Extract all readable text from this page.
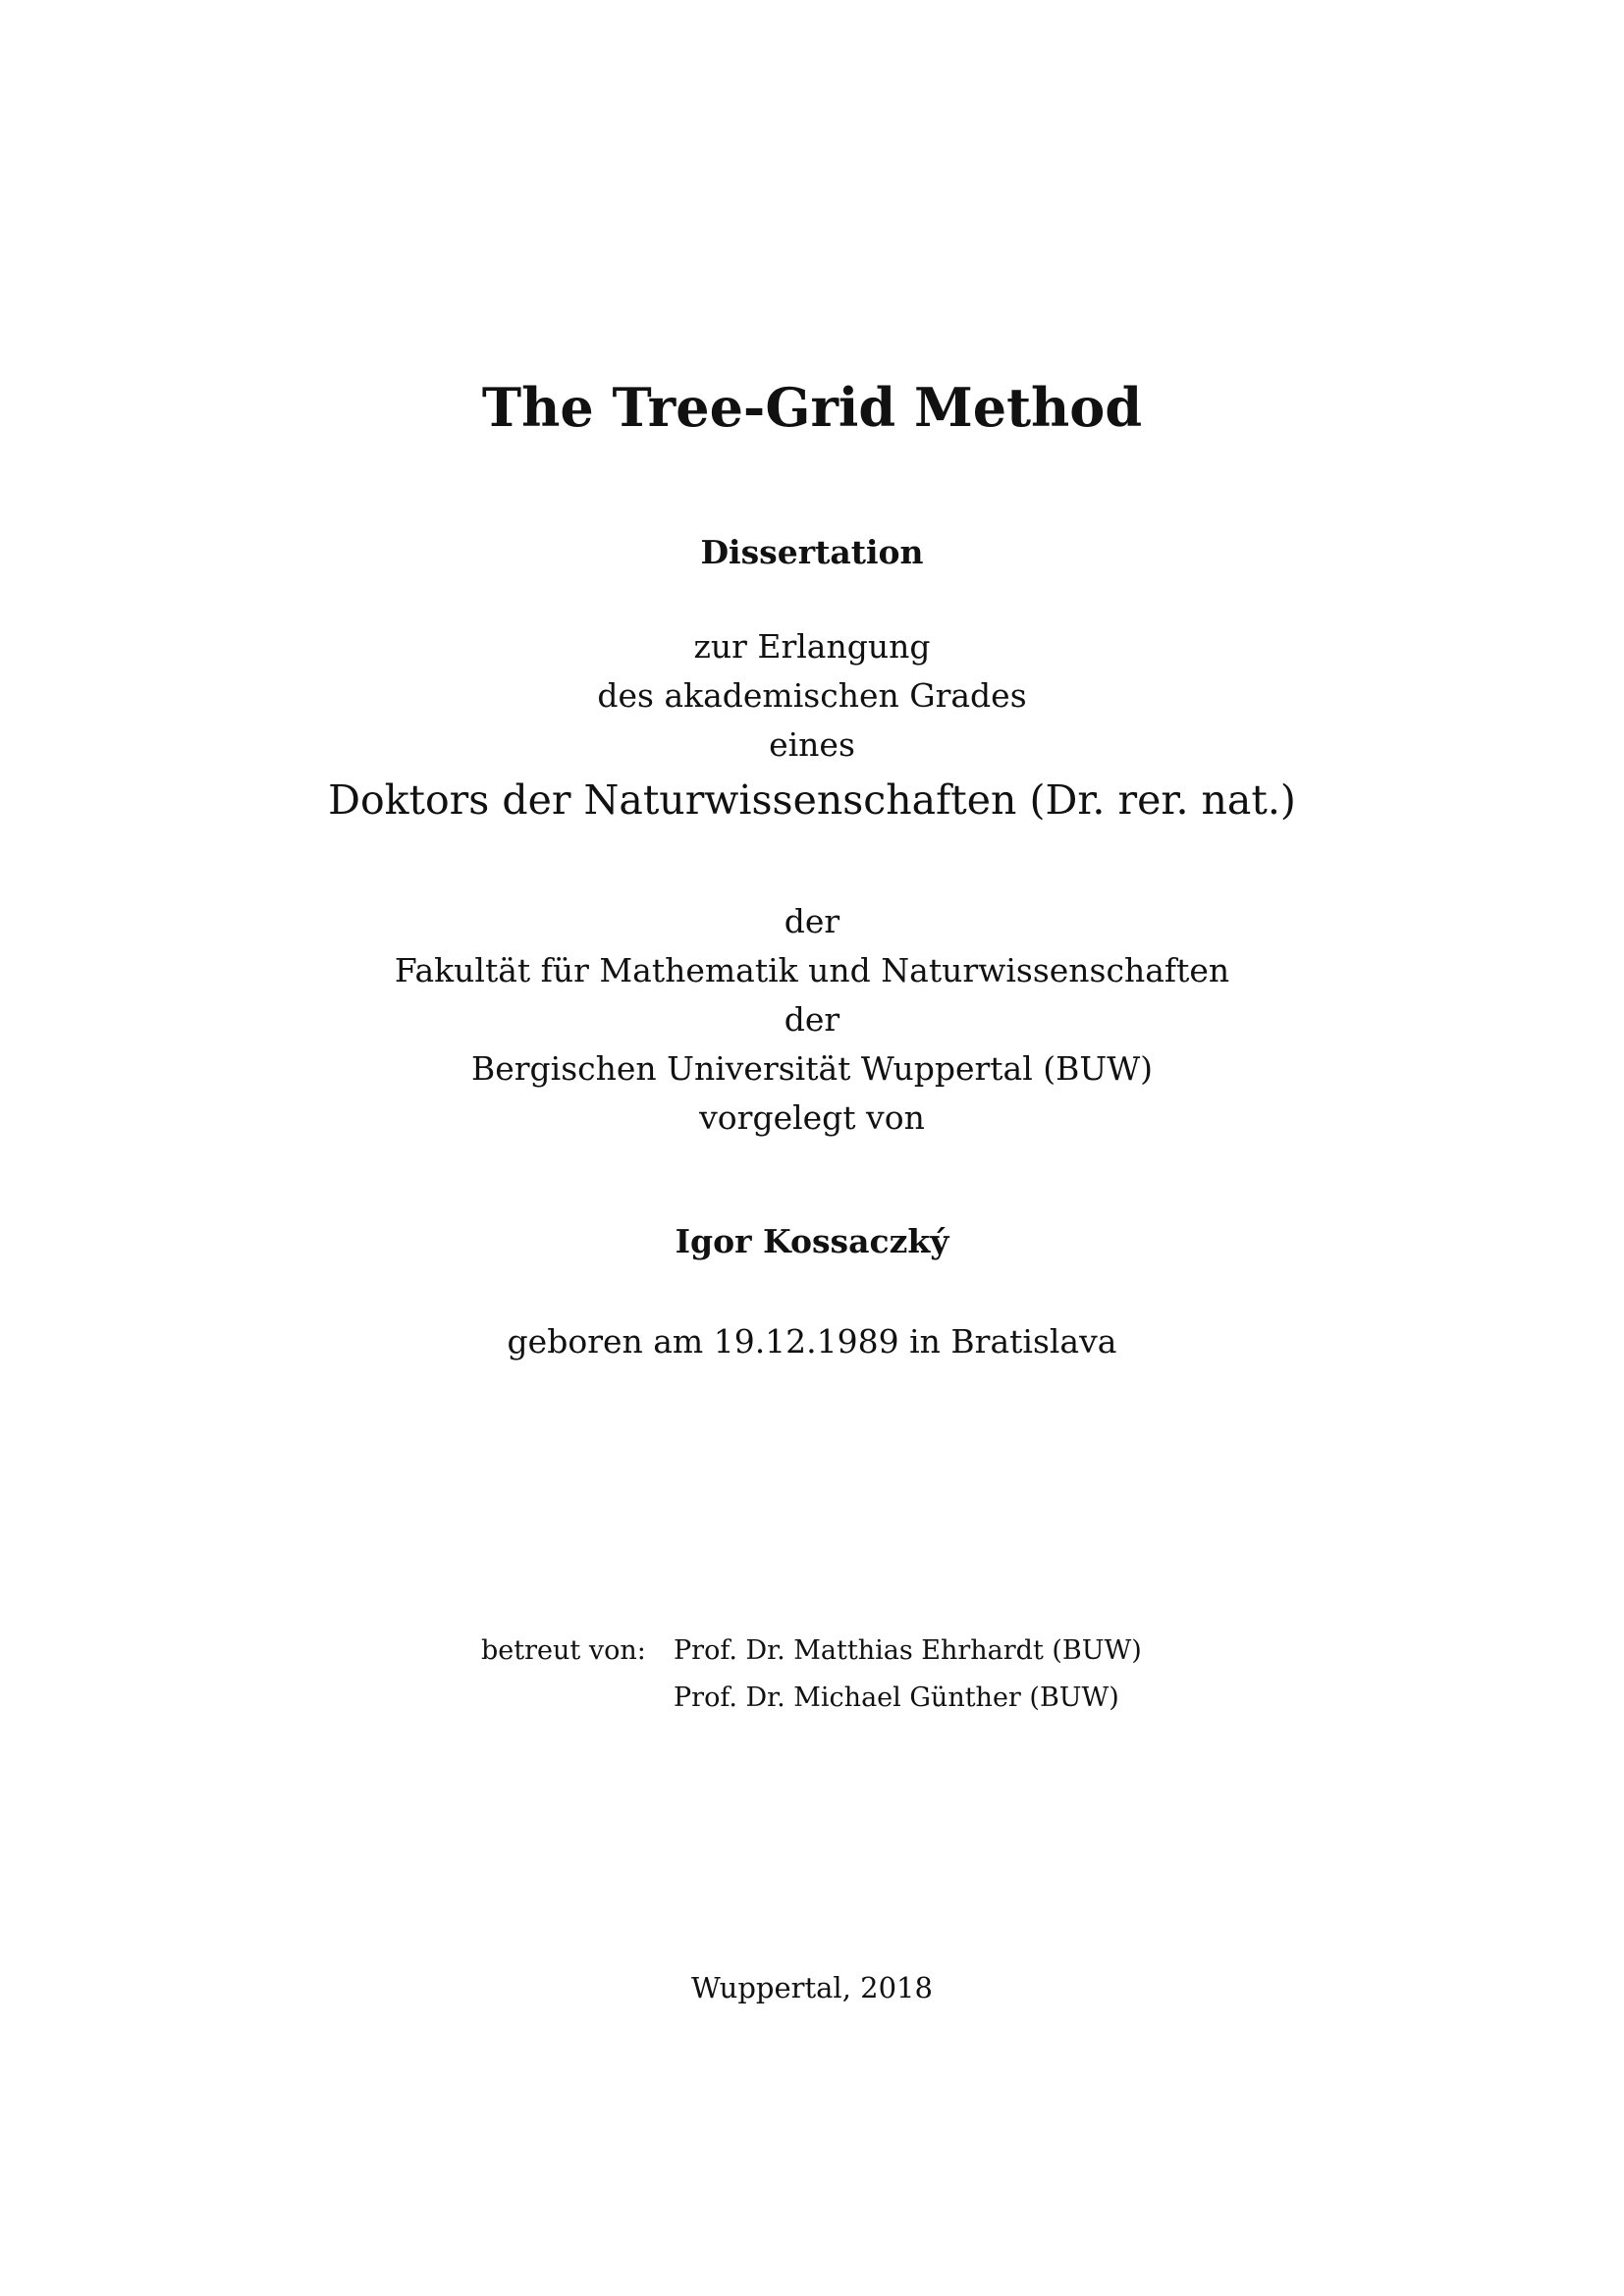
The Tree-Grid Method
Dissertation
zur Erlangung
des akademischen Grades
eines
Doktors der Naturwissenschaften (Dr. rer. nat.)
der
Fakultät für Mathematik und Naturwissenschaften
der
Bergischen Universität Wuppertal (BUW)
vorgelegt von
Igor Kossaczký
geboren am 19.12.1989 in Bratislava
betreut von: Prof. Dr. Matthias Ehrhardt (BUW)
Prof. Dr. Michael Günther (BUW)
Wuppertal, 2018
